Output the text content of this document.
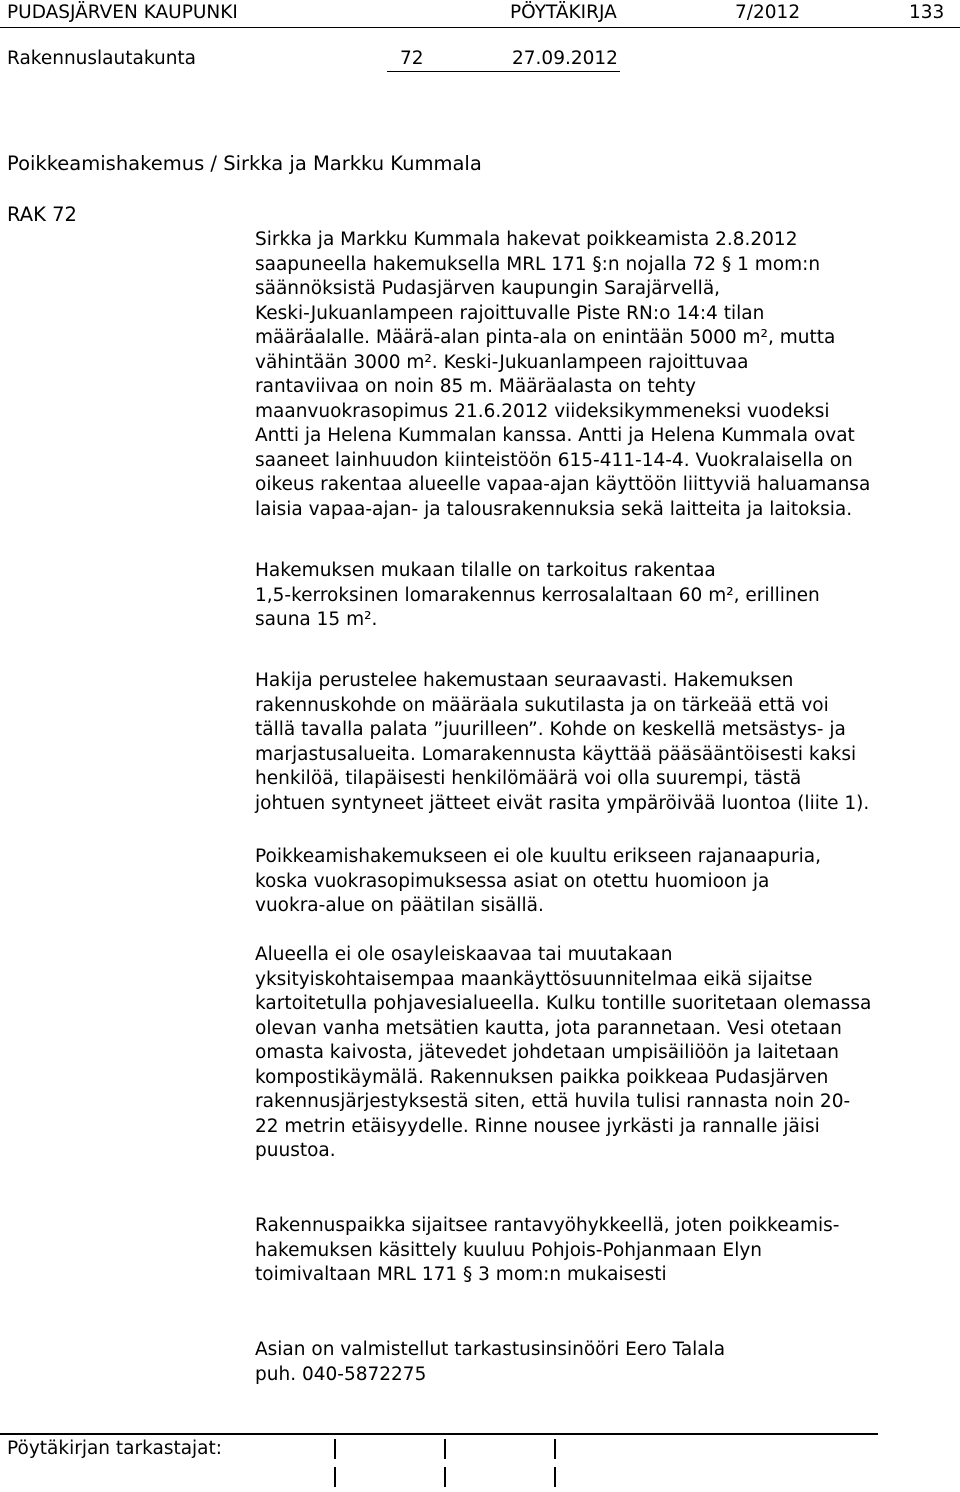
PUDASJÄRVEN KAUPUNKI	PÖYTÄKIRJA	7/2012	133
Rakennuslautakunta	72	27.09.2012
Poikkeamishakemus / Sirkka ja Markku Kummala
RAK 72

Sirkka ja Markku Kummala hakevat poikkeamista 2.8.2012
saapuneella hakemuksella MRL 171 §:n nojalla 72 § 1 mom:n
säännöksistä Pudasjärven kaupungin Sarajärvellä,
Keski-Jukuanlampeen rajoittuvalle Piste RN:o 14:4 tilan
määräalalle. Määrä-alan pinta-ala on enintään 5000 m², mutta
vähintään 3000 m². Keski-Jukuanlampeen rajoittuvaa
rantaviivaa on noin 85 m. Määräalasta on tehty
maanvuokrasopimus 21.6.2012 viideksikymmeneksi vuodeksi
Antti ja Helena Kummalan kanssa. Antti ja Helena Kummala ovat
saaneet lainhuudon kiinteistöön 615-411-14-4. Vuokralaisella on
oikeus rakentaa alueelle vapaa-ajan käyttöön liittyviä haluamansa
laisia vapaa-ajan- ja talousrakennuksia sekä laitteita ja laitoksia.

Hakemuksen mukaan tilalle on tarkoitus rakentaa
1,5-kerroksinen lomarakennus kerrosalaltaan 60 m², erillinen
sauna 15 m².

Hakija perustelee hakemustaan seuraavasti. Hakemuksen
rakennuskohde on määräala sukutilasta ja on tärkeää että voi
tällä tavalla palata ”juurilleen”. Kohde on keskellä metsästys- ja
marjastusalueita. Lomarakennusta käyttää pääsääntöisesti kaksi
henkilöä, tilapäisesti henkilömäärä voi olla suurempi, tästä
johtuen syntyneet jätteet eivät rasita ympäröivää luontoa (liite 1).

Poikkeamishakemukseen ei ole kuultu erikseen rajanaapuria,
koska vuokrasopimuksessa asiat on otettu huomioon ja
vuokra-alue on päätilan sisällä.

Alueella ei ole osayleiskaavaa tai muutakaan
yksityiskohtaisempaa maankäyttösuunnitelmaa eikä sijaitse
kartoitetulla pohjavesialueella. Kulku tontille suoritetaan olemassa
olevan vanha metsätien kautta, jota parannetaan. Vesi otetaan
omasta kaivosta, jätevedet johdetaan umpisäiliöön ja laitetaan
kompostikäymälä. Rakennuksen paikka poikkeaa Pudasjärven
rakennusjärjestyksestä siten, että huvila tulisi rannasta noin 20-
22 metrin etäisyydelle. Rinne nousee jyrkästi ja rannalle jäisi
puustoa.

Rakennuspaikka sijaitsee rantavyöhykkeellä, joten poikkeamis-
hakemuksen käsittely kuuluu Pohjois-Pohjanmaan Elyn
toimivaltaan MRL 171 § 3 mom:n mukaisesti

Asian on valmistellut tarkastusinsinööri Eero Talala
puh. 040-5872275

Pöytäkirjan tarkastajat:
